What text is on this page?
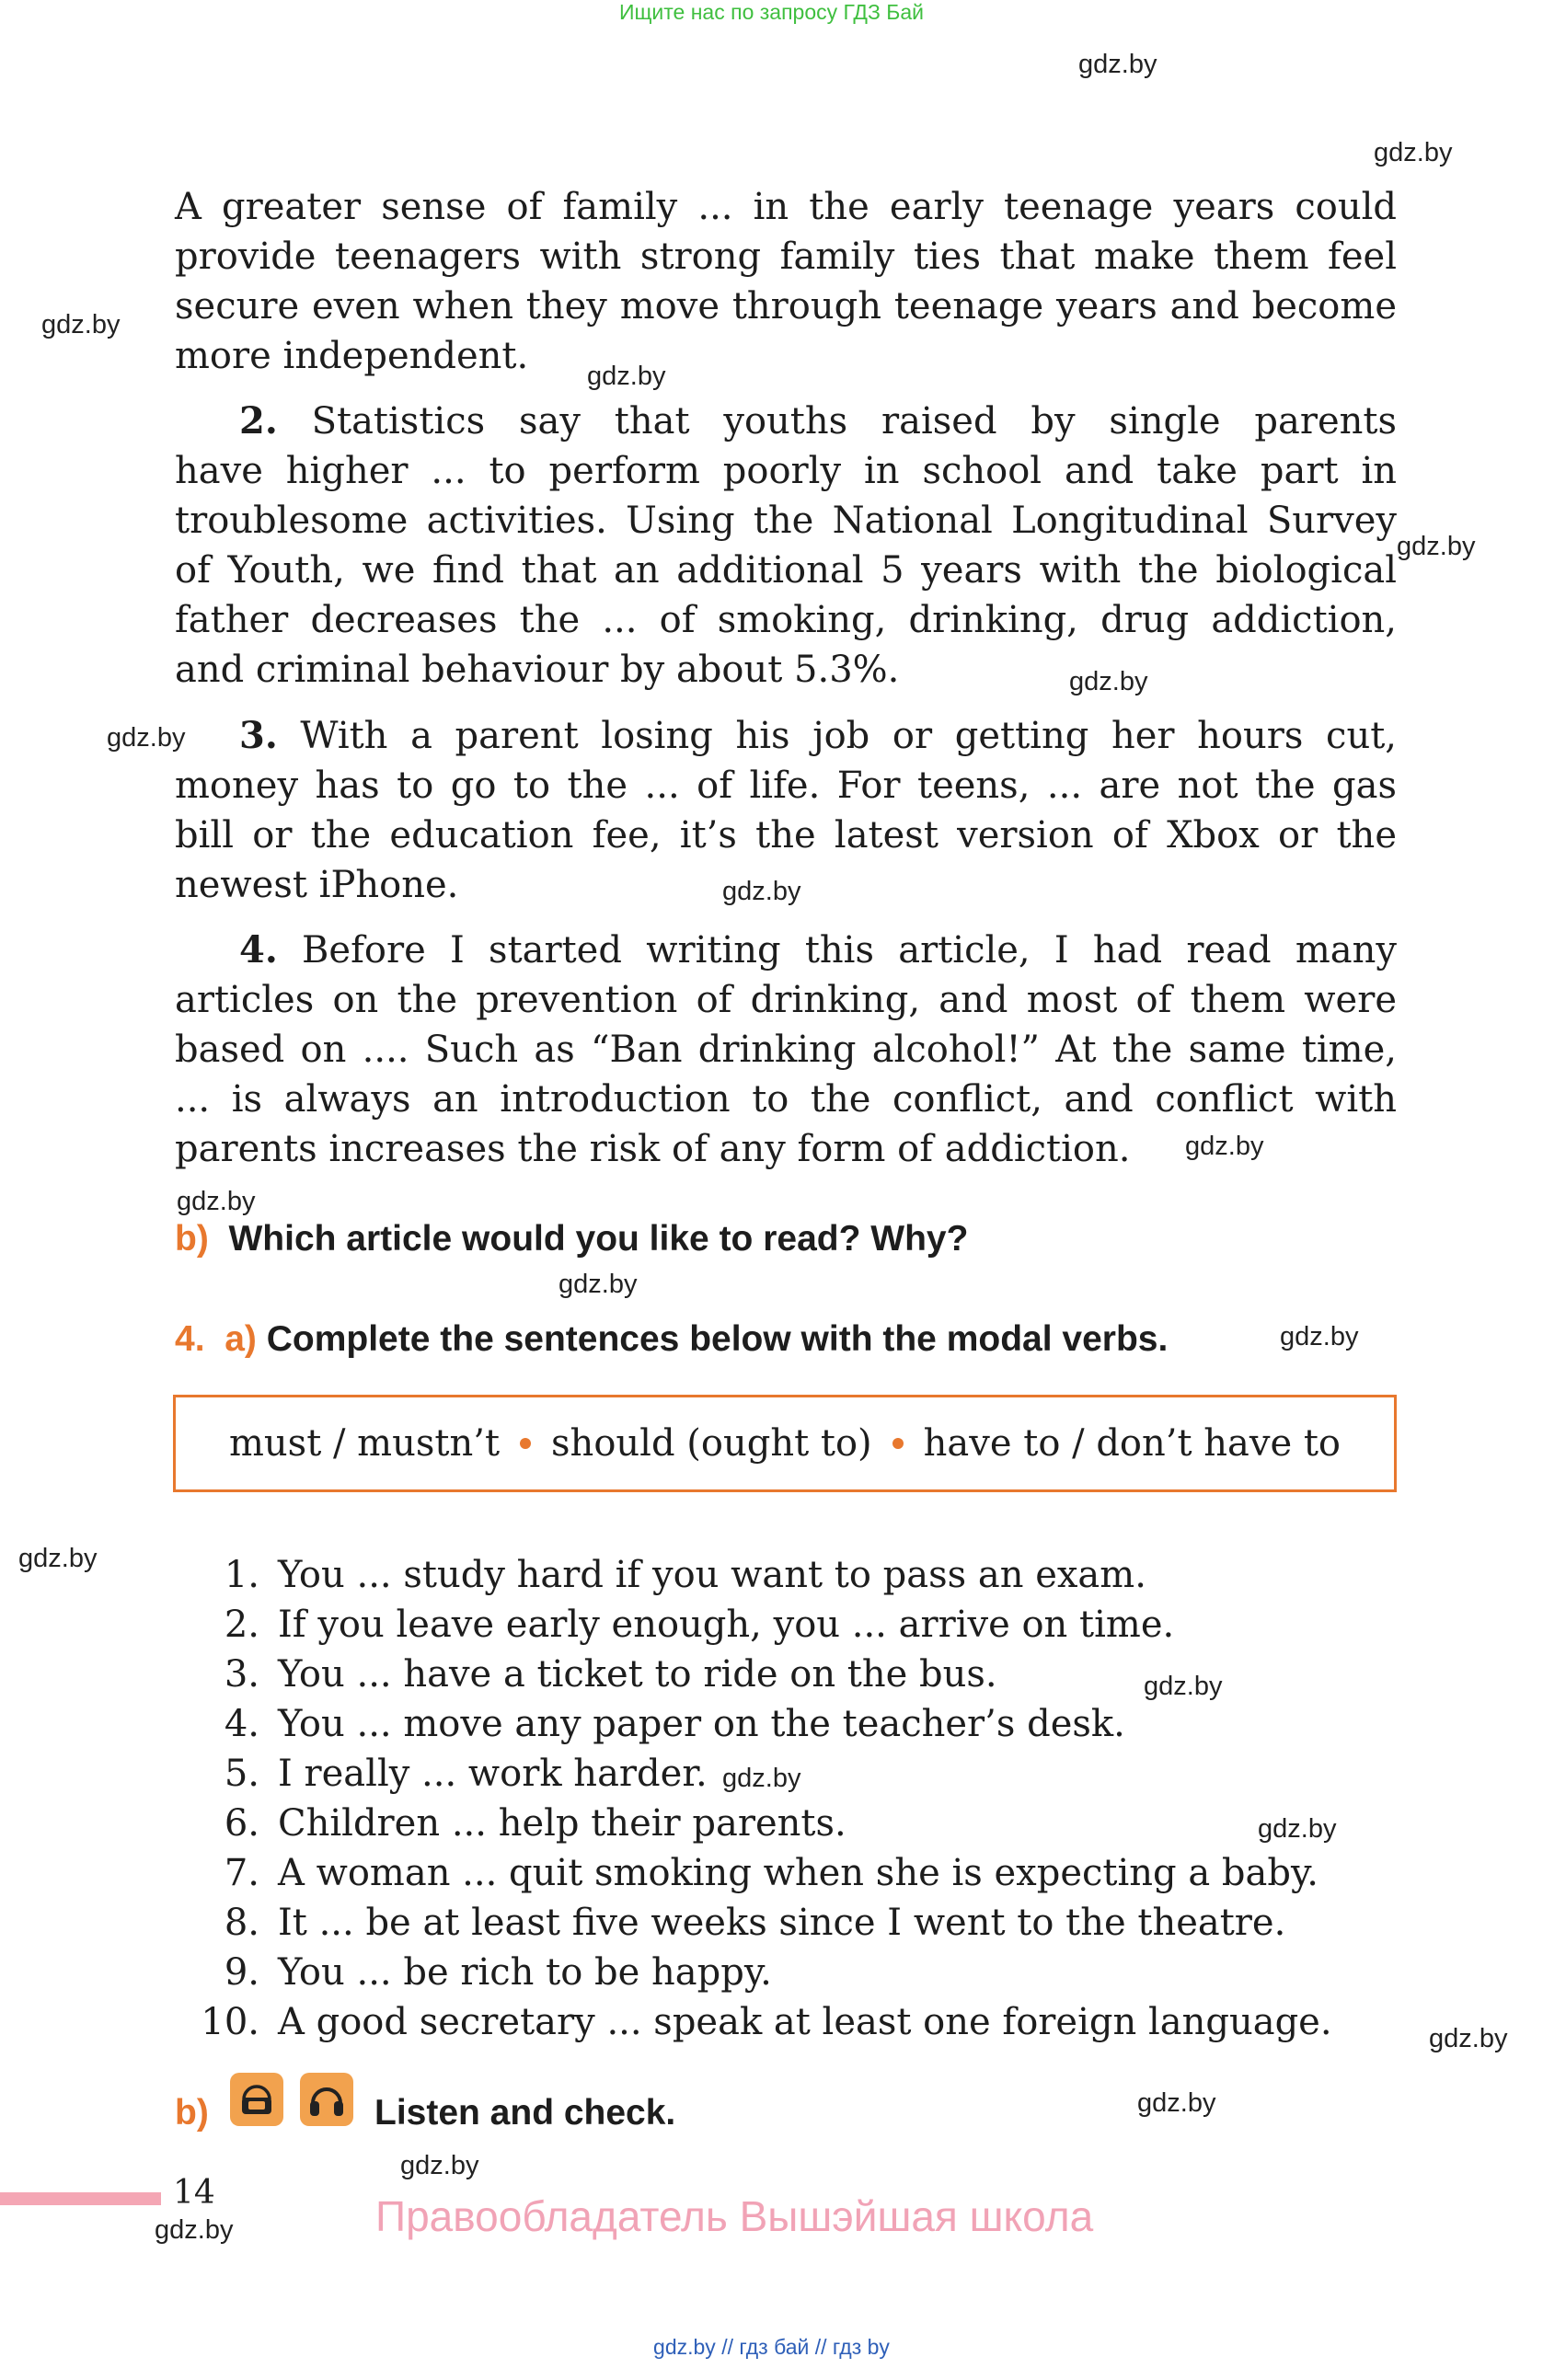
Ищите нас по запросу ГДЗ Бай
gdz.by
gdz.by
gdz.by
gdz.by
gdz.by
gdz.by
gdz.by
gdz.by
gdz.by
gdz.by
gdz.by
gdz.by
gdz.by
gdz.by
gdz.by
gdz.by
gdz.by
gdz.by
gdz.by
gdz.by
A greater sense of family ... in the early teenage years could
provide teenagers with strong family ties that make them feel
secure even when they move through teenage years and become
more independent.
2. Statistics say that youths raised by single parents
have higher ... to perform poorly in school and take part in
troublesome activities. Using the National Longitudinal Survey
of Youth, we find that an additional 5 years with the biological
father decreases the ... of smoking, drinking, drug addiction,
and criminal behaviour by about 5.3%.
3. With a parent losing his job or getting her hours cut,
money has to go to the ... of life. For teens, ... are not the gas
bill or the education fee, it’s the latest version of Xbox or the
newest iPhone.
4. Before I started writing this article, I had read many
articles on the prevention of drinking, and most of them were
based on .... Such as “Ban drinking alcohol!” At the same time,
... is always an introduction to the conflict, and conflict with
parents increases the risk of any form of addiction.
b) Which article would you like to read? Why?
4. a) Complete the sentences below with the modal verbs.
must / mustn’t should (ought to) have to / don’t have to
1. You ... study hard if you want to pass an exam.
2. If you leave early enough, you ... arrive on time.
3. You ... have a ticket to ride on the bus.
4. You ... move any paper on the teacher’s desk.
5. I really ... work harder.
6. Children ... help their parents.
7. A woman ... quit smoking when she is expecting a baby.
8. It ... be at least five weeks since I went to the theatre.
9. You ... be rich to be happy.
10. A good secretary ... speak at least one foreign language.
b)	Listen and check.
14	Правообладатель Вышэйшая школа
gdz.by // гдз бай // гдз by
